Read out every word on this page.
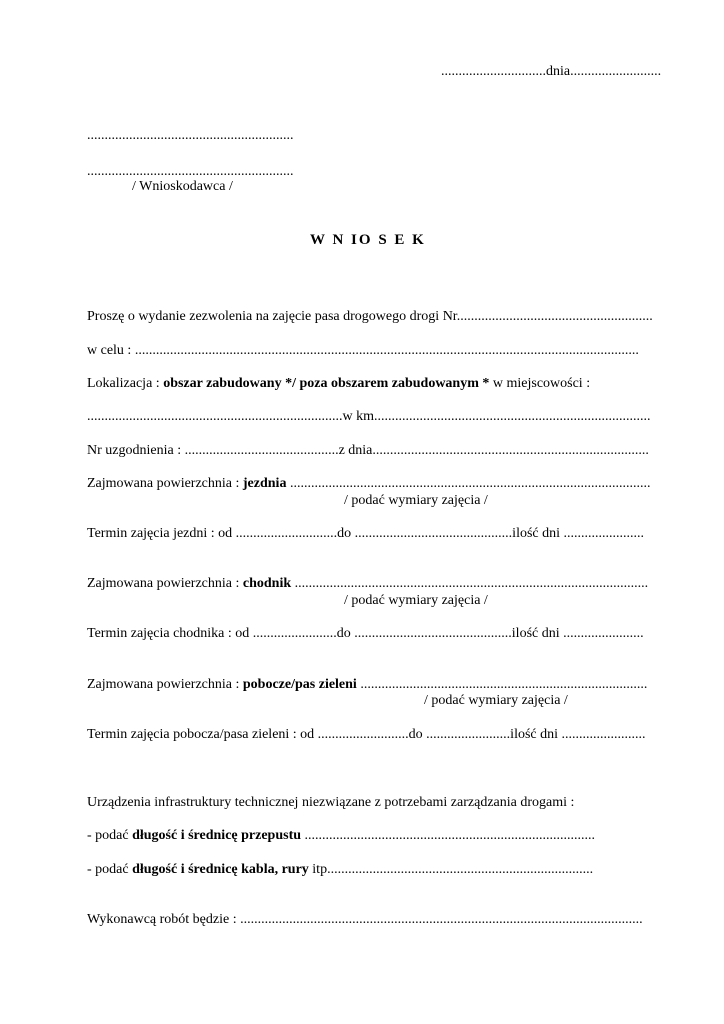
..............................dnia..........................
...........................................................
...........................................................
/ Wnioskodawca /
W N IO S E K
Proszę o wydanie zezwolenia na zajęcie pasa drogowego drogi Nr........................................................
w celu : ................................................................................................................................................
Lokalizacja : obszar zabudowany */ poza obszarem zabudowanym * w miejscowości :
.........................................................................w km...............................................................................
Nr uzgodnienia : ............................................z dnia...............................................................................
Zajmowana powierzchnia : jezdnia .......................................................................................................
/ podać wymiary zajęcia /
Termin zajęcia jezdni : od .............................do .............................................ilość dni .......................
Zajmowana powierzchnia : chodnik .....................................................................................................
/ podać wymiary zajęcia /
Termin zajęcia chodnika : od ........................do .............................................ilość dni .......................
Zajmowana powierzchnia : pobocze/pas zieleni ..................................................................................
/ podać wymiary zajęcia /
Termin zajęcia pobocza/pasa zieleni : od ..........................do ........................ilość dni ........................
Urządzenia infrastruktury technicznej niezwiązane z potrzebami zarządzania drogami :
- podać długość i średnicę przepustu ...................................................................................
- podać długość i średnicę kabla, rury itp............................................................................
Wykonawcą robót będzie : ...................................................................................................................
